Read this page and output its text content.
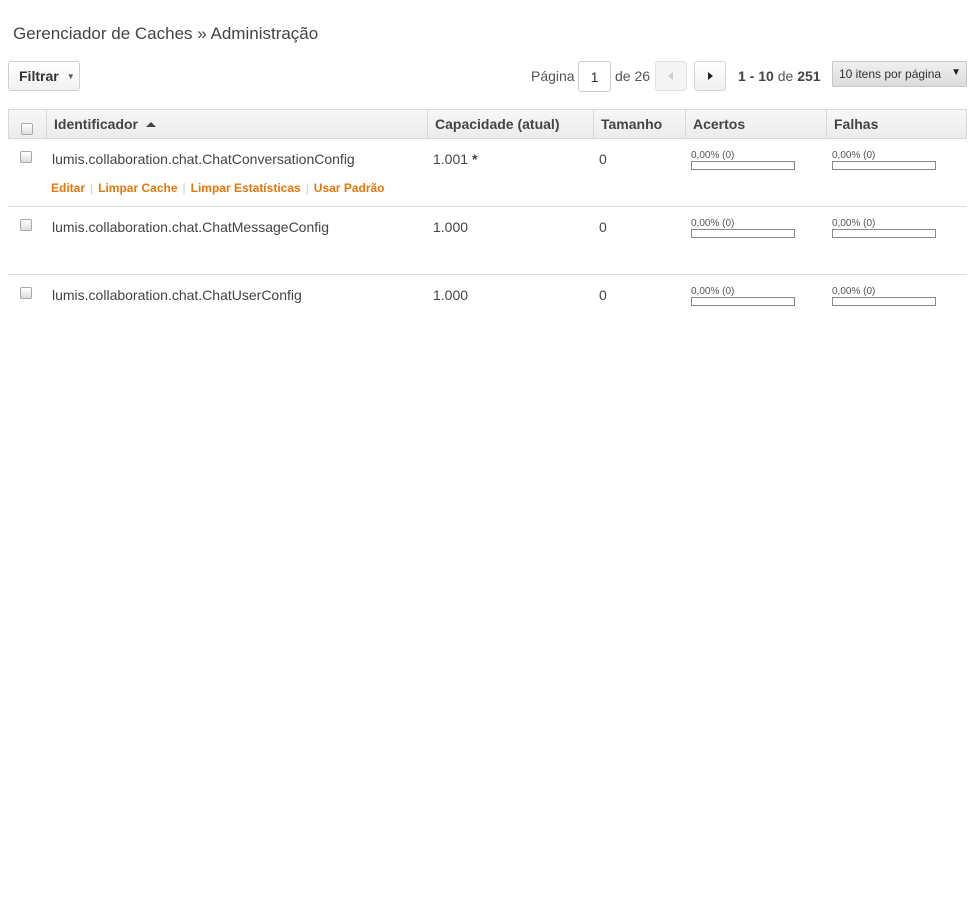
Gerenciador de Caches » Administração
Filtrar ▼	Página
1	de 26	1 - 10 de 251 10 itens por página ▼
Identificador	Capacidade (atual)	Tamanho	Acertos	Falhas
lumis.collaboration.chat.ChatConversationConfig	1.001 *	0	0,00% (0)	0,00% (0)
Editar | Limpar Cache | Limpar Estatísticas | Usar Padrão
lumis.collaboration.chat.ChatMessageConfig	1.000	0	0,00% (0)	0,00% (0)
lumis.collaboration.chat.ChatUserConfig	1.000	0	0,00% (0)	0,00% (0)
